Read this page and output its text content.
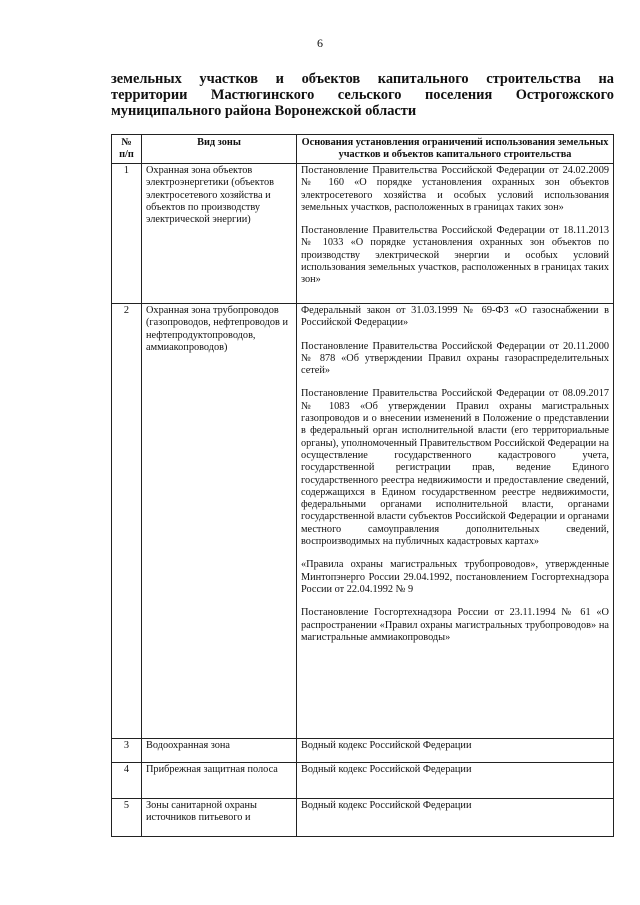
6
земельных участков и объектов капитального строительства на
территории Мастюгинского сельского поселения Острогожского
муниципального района Воронежской области
№ п/п	Вид зоны	Основания установления ограничений использования земельных участков и объектов капитального строительства
1	Охранная зона объектов электроэнергетики (объектов электросетевого хозяйства и объектов по производству электрической энергии)	Постановление Правительства Российской Федерации от 24.02.2009 № 160 «О порядке установления охранных зон объектов электросетевого хозяйства и особых условий использования земельных участков, расположенных в границах таких зон»

Постановление Правительства Российской Федерации от 18.11.2013 № 1033 «О порядке установления охранных зон объектов по производству электрической энергии и особых условий использования земельных участков, расположенных в границах таких зон»

2	Охранная зона трубопроводов (газопроводов, нефтепроводов и нефтепродуктопроводов, аммиакопроводов)	Федеральный закон от 31.03.1999 № 69-ФЗ «О газоснабжении в Российской Федерации»

Постановление Правительства Российской Федерации от 20.11.2000 № 878 «Об утверждении Правил охраны газораспределительных сетей»

Постановление Правительства Российской Федерации от 08.09.2017 № 1083 «Об утверждении Правил охраны магистральных газопроводов и о внесении изменений в Положение о представлении в федеральный орган исполнительной власти (его территориальные органы), уполномоченный Правительством Российской Федерации на осуществление государственного кадастрового учета, государственной регистрации прав, ведение Единого государственного реестра недвижимости и предоставление сведений, содержащихся в Едином государственном реестре недвижимости, федеральными органами исполнительной власти, органами государственной власти субъектов Российской Федерации и органами местного самоуправления дополнительных сведений, воспроизводимых на публичных кадастровых картах»

«Правила охраны магистральных трубопроводов», утвержденные Минтопэнерго России 29.04.1992, постановлением Госгортехнадзора России от 22.04.1992 № 9

Постановление Госгортехнадзора России от 23.11.1994 № 61 «О распространении «Правил охраны магистральных трубопроводов» на магистральные аммиакопроводы»

3	Водоохранная зона	Водный кодекс Российской Федерации

4	Прибрежная защитная полоса	Водный кодекс Российской Федерации

5	Зоны санитарной охраны источников питьевого и	Водный кодекс Российской Федерации
